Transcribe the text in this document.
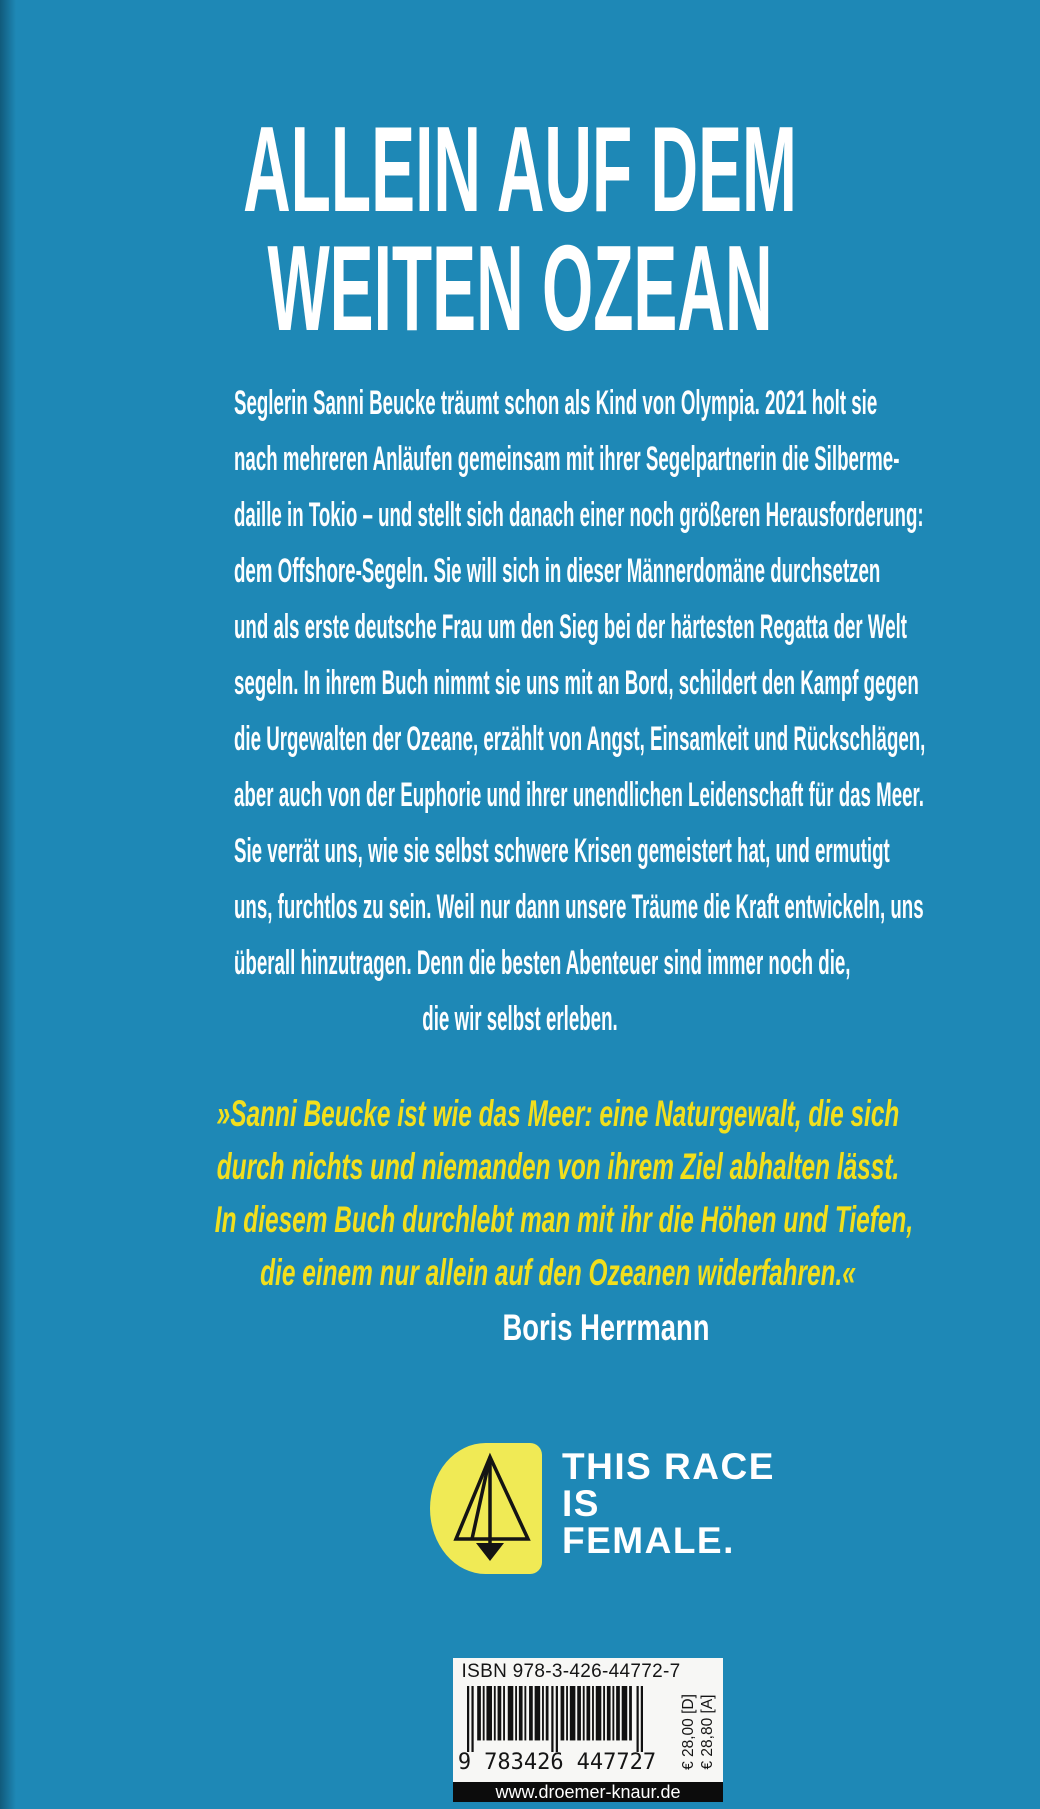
ALLEIN AUF DEM
WEITEN OZEAN
Seglerin Sanni Beucke träumt schon als Kind von Olympia. 2021 holt sie
nach mehreren Anläufen gemeinsam mit ihrer Segelpartnerin die Silberme-
daille in Tokio – und stellt sich danach einer noch größeren Herausforderung:
dem Offshore-Segeln. Sie will sich in dieser Männerdomäne durchsetzen
und als erste deutsche Frau um den Sieg bei der härtesten Regatta der Welt
segeln. In ihrem Buch nimmt sie uns mit an Bord, schildert den Kampf gegen
die Urgewalten der Ozeane, erzählt von Angst, Einsamkeit und Rückschlägen,
aber auch von der Euphorie und ihrer unendlichen Leidenschaft für das Meer.
Sie verrät uns, wie sie selbst schwere Krisen gemeistert hat, und ermutigt
uns, furchtlos zu sein. Weil nur dann unsere Träume die Kraft entwickeln, uns
überall hinzutragen. Denn die besten Abenteuer sind immer noch die,
die wir selbst erleben.
»Sanni Beucke ist wie das Meer: eine Naturgewalt, die sich
durch nichts und niemanden von ihrem Ziel abhalten lässt.
In diesem Buch durchlebt man mit ihr die Höhen und Tiefen,
die einem nur allein auf den Ozeanen widerfahren.«
Boris Herrmann
THIS RACE
IS
FEMALE.
ISBN 978-3-426-44772-7
9 783426 447727 € 28,00 [D] € 28,80 [A]
www.droemer-knaur.de
